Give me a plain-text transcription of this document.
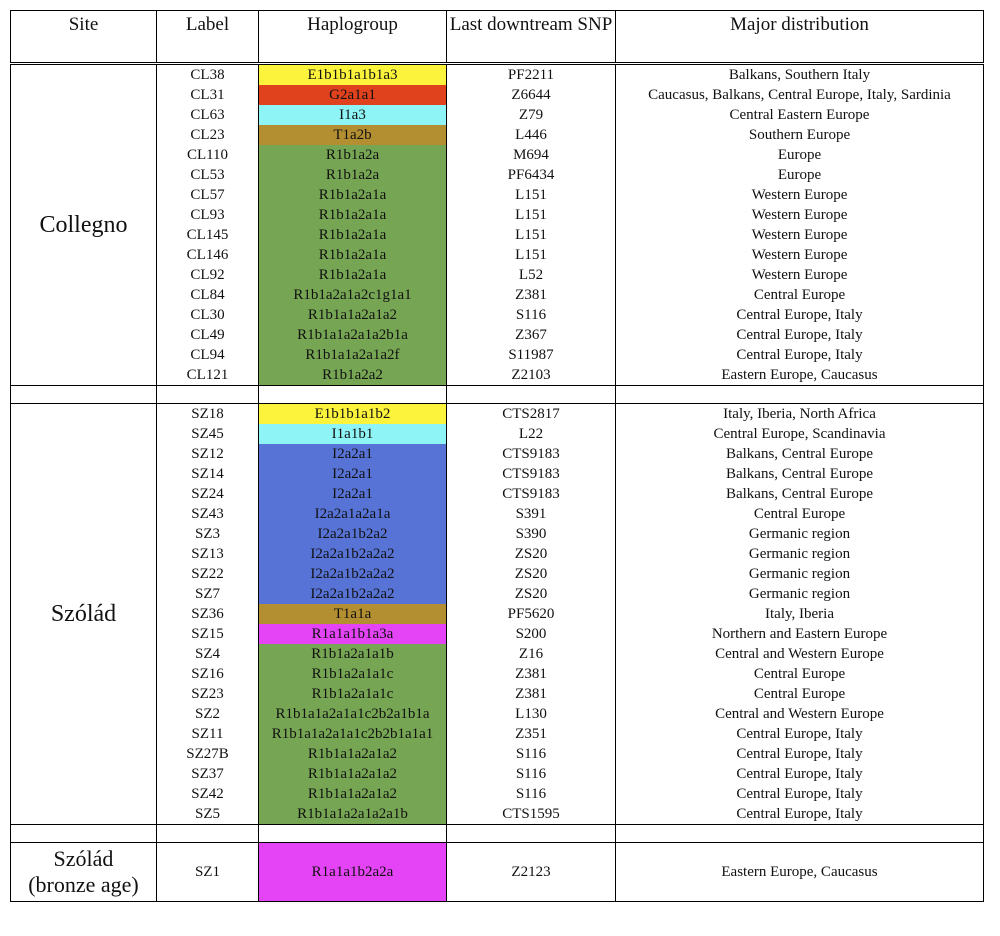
Site	Label	Haplogroup	Last downtream SNP	Major distribution
Collegno	CL38	E1b1b1a1b1a3	PF2211	Balkans, Southern Italy
	CL31	G2a1a1	Z6644	Caucasus, Balkans, Central Europe, Italy, Sardinia
	CL63	I1a3	Z79	Central Eastern Europe
	CL23	T1a2b	L446	Southern Europe
	CL110	R1b1a2a	M694	Europe
	CL53	R1b1a2a	PF6434	Europe
	CL57	R1b1a2a1a	L151	Western Europe
	CL93	R1b1a2a1a	L151	Western Europe
	CL145	R1b1a2a1a	L151	Western Europe
	CL146	R1b1a2a1a	L151	Western Europe
	CL92	R1b1a2a1a	L52	Western Europe
	CL84	R1b1a2a1a2c1g1a1	Z381	Central Europe
	CL30	R1b1a1a2a1a2	S116	Central Europe, Italy
	CL49	R1b1a1a2a1a2b1a	Z367	Central Europe, Italy
	CL94	R1b1a1a2a1a2f	S11987	Central Europe, Italy
	CL121	R1b1a2a2	Z2103	Eastern Europe, Caucasus

Szólád	SZ18	E1b1b1a1b2	CTS2817	Italy, Iberia, North Africa
	SZ45	I1a1b1	L22	Central Europe, Scandinavia
	SZ12	I2a2a1	CTS9183	Balkans, Central Europe
	SZ14	I2a2a1	CTS9183	Balkans, Central Europe
	SZ24	I2a2a1	CTS9183	Balkans, Central Europe
	SZ43	I2a2a1a2a1a	S391	Central Europe
	SZ3	I2a2a1b2a2	S390	Germanic region
	SZ13	I2a2a1b2a2a2	ZS20	Germanic region
	SZ22	I2a2a1b2a2a2	ZS20	Germanic region
	SZ7	I2a2a1b2a2a2	ZS20	Germanic region
	SZ36	T1a1a	PF5620	Italy, Iberia
	SZ15	R1a1a1b1a3a	S200	Northern and Eastern Europe
	SZ4	R1b1a2a1a1b	Z16	Central and Western Europe
	SZ16	R1b1a2a1a1c	Z381	Central Europe
	SZ23	R1b1a2a1a1c	Z381	Central Europe
	SZ2	R1b1a1a2a1a1c2b2a1b1a	L130	Central and Western Europe
	SZ11	R1b1a1a2a1a1c2b2b1a1a1	Z351	Central Europe, Italy
	SZ27B	R1b1a1a2a1a2	S116	Central Europe, Italy
	SZ37	R1b1a1a2a1a2	S116	Central Europe, Italy
	SZ42	R1b1a1a2a1a2	S116	Central Europe, Italy
	SZ5	R1b1a1a2a1a2a1b	CTS1595	Central Europe, Italy

Szólád
(bronze age)	SZ1	R1a1a1b2a2a	Z2123	Eastern Europe, Caucasus
